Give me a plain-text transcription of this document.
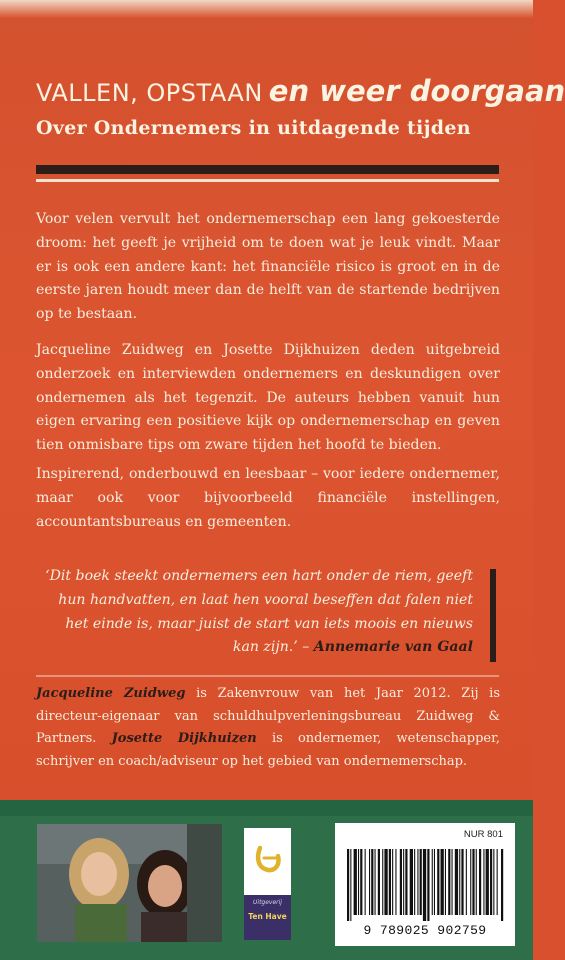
VALLEN, OPSTAAN en weer doorgaan
Over Ondernemers in uitdagende tijden

Voor velen vervult het ondernemerschap een lang gekoesterde droom: het geeft je vrijheid om te doen wat je leuk vindt. Maar er is ook een andere kant: het financiële risico is groot en in de eerste jaren houdt meer dan de helft van de startende bedrijven op te bestaan.

Jacqueline Zuidweg en Josette Dijkhuizen deden uitgebreid onderzoek en interviewden ondernemers en deskundigen over ondernemen als het tegenzit. De auteurs hebben vanuit hun eigen ervaring een positieve kijk op ondernemerschap en geven tien onmisbare tips om zware tijden het hoofd te bieden.

Inspirerend, onderbouwd en leesbaar – voor iedere ondernemer, maar ook voor bijvoorbeeld financiële instellingen, accountantsbureaus en gemeenten.

‘Dit boek steekt ondernemers een hart onder de riem, geeft hun handvatten, en laat hen vooral beseffen dat falen niet het einde is, maar juist de start van iets moois en nieuws kan zijn.’ – Annemarie van Gaal
Jacqueline Zuidweg is Zakenvrouw van het Jaar 2012. Zij is directeur-eigenaar van schuldhulpverleningsbureau Zuidweg & Partners. Josette Dijkhuizen is ondernemer, wetenschapper, schrijver en coach/adviseur op het gebied van ondernemerschap.
Uitgeverij
Ten Have
NUR 801
9 789025 902759
